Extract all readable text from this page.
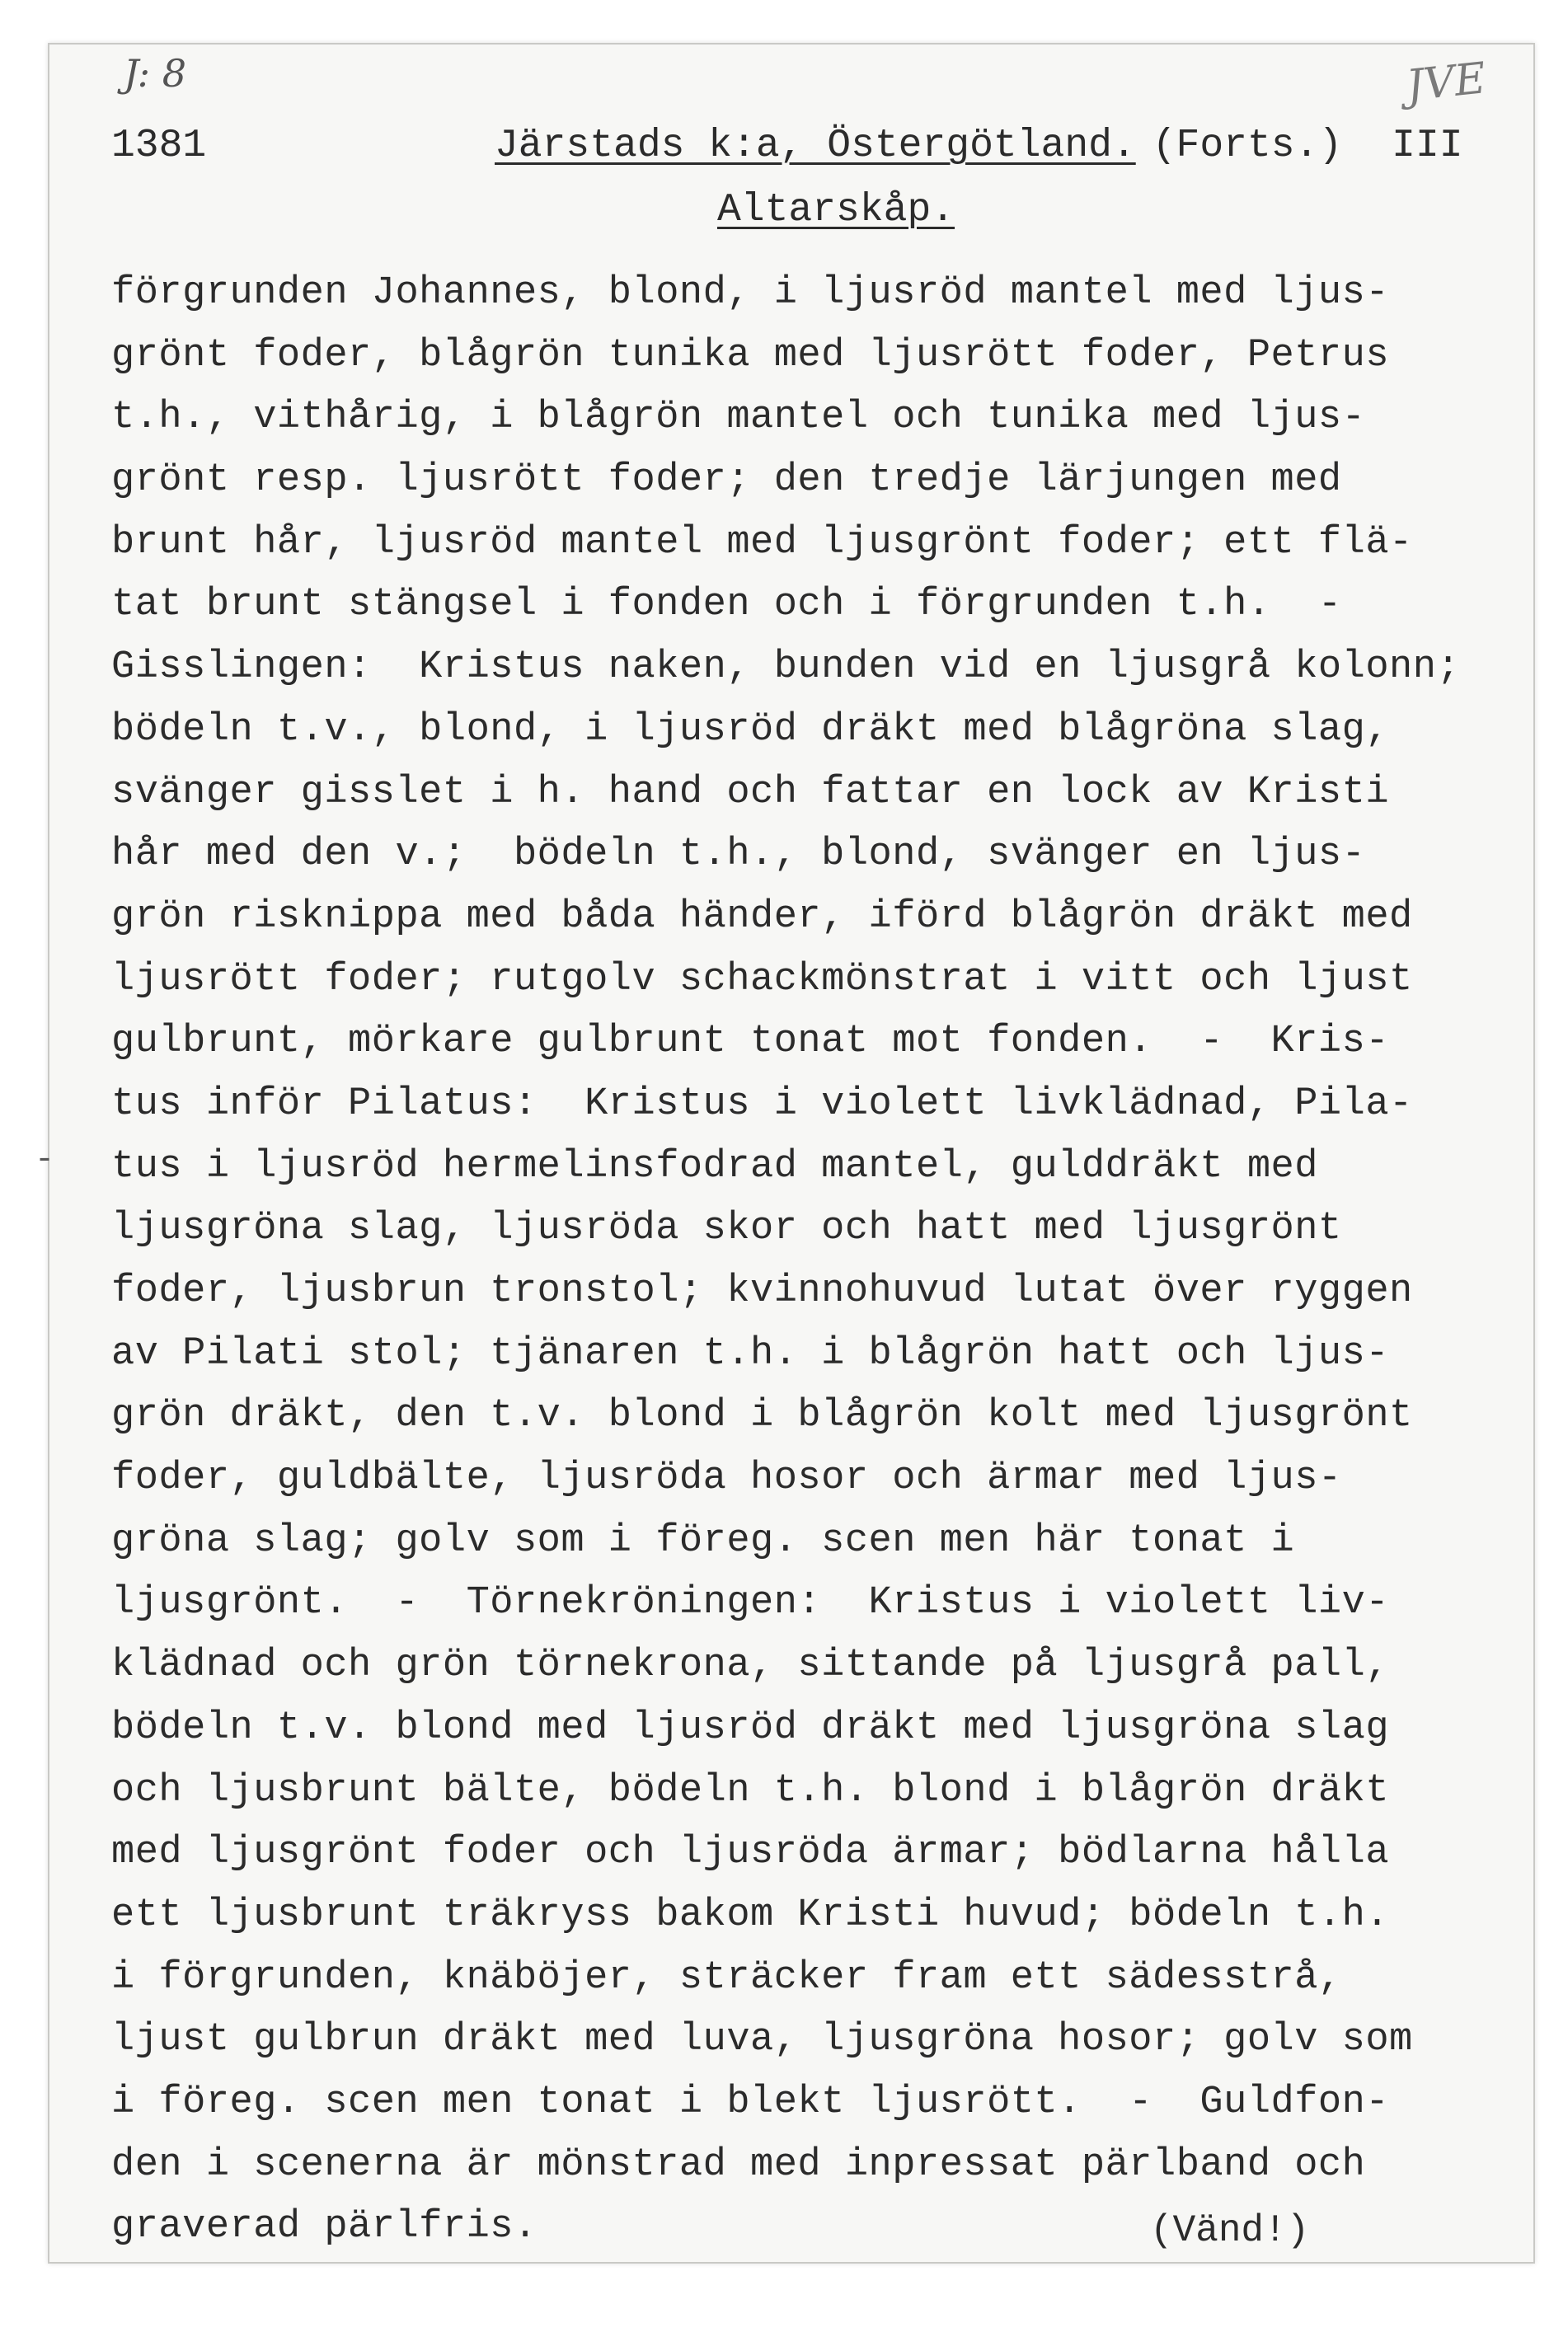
J: 8	JVE
1381	Järstads k:a, Östergötland. (Forts.) III
Altarskåp.
-
förgrunden Johannes, blond, i ljusröd mantel med ljus-
grönt foder, blågrön tunika med ljusrött foder, Petrus
t.h., vithårig, i blågrön mantel och tunika med ljus-
grönt resp. ljusrött foder; den tredje lärjungen med
brunt hår, ljusröd mantel med ljusgrönt foder; ett flä-
tat brunt stängsel i fonden och i förgrunden t.h.  -
Gisslingen:  Kristus naken, bunden vid en ljusgrå kolonn;
bödeln t.v., blond, i ljusröd dräkt med blågröna slag,
svänger gisslet i h. hand och fattar en lock av Kristi
hår med den v.;  bödeln t.h., blond, svänger en ljus-
grön risknippa med båda händer, iförd blågrön dräkt med
ljusrött foder; rutgolv schackmönstrat i vitt och ljust
gulbrunt, mörkare gulbrunt tonat mot fonden.  -  Kris-
tus inför Pilatus:  Kristus i violett livklädnad, Pila-
tus i ljusröd hermelinsfodrad mantel, gulddräkt med
ljusgröna slag, ljusröda skor och hatt med ljusgrönt
foder, ljusbrun tronstol; kvinnohuvud lutat över ryggen
av Pilati stol; tjänaren t.h. i blågrön hatt och ljus-
grön dräkt, den t.v. blond i blågrön kolt med ljusgrönt
foder, guldbälte, ljusröda hosor och ärmar med ljus-
gröna slag; golv som i föreg. scen men här tonat i
ljusgrönt.  -  Törnekröningen:  Kristus i violett liv-
klädnad och grön törnekrona, sittande på ljusgrå pall,
bödeln t.v. blond med ljusröd dräkt med ljusgröna slag
och ljusbrunt bälte, bödeln t.h. blond i blågrön dräkt
med ljusgrönt foder och ljusröda ärmar; bödlarna hålla
ett ljusbrunt träkryss bakom Kristi huvud; bödeln t.h.
i förgrunden, knäböjer, sträcker fram ett sädesstrå,
ljust gulbrun dräkt med luva, ljusgröna hosor; golv som
i föreg. scen men tonat i blekt ljusrött.  -  Guldfon-
den i scenerna är mönstrad med inpressat pärlband och
graverad pärlfris.	(Vänd!)
